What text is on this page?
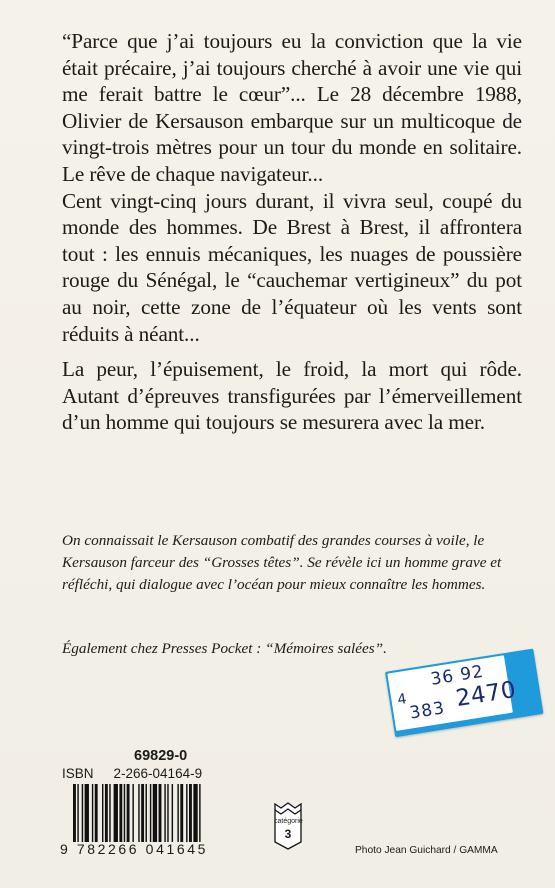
“Parce que j’ai toujours eu la conviction que la vie était précaire, j’ai toujours cherché à avoir une vie qui me ferait battre le cœur”... Le 28 décembre 1988, Olivier de Kersauson embarque sur un multicoque de vingt-trois mètres pour un tour du monde en solitaire. Le rêve de chaque navigateur...

Cent vingt-cinq jours durant, il vivra seul, coupé du monde des hommes. De Brest à Brest, il affrontera tout : les ennuis mécaniques, les nuages de poussière rouge du Sénégal, le “cauchemar vertigineux” du pot au noir, cette zone de l’équateur où les vents sont réduits à néant...

La peur, l’épuisement, le froid, la mort qui rôde. Autant d’épreuves transfigurées par l’émerveillement d’un homme qui toujours se mesurera avec la mer.

On connaissait le Kersauson combatif des grandes courses à voile, le Kersauson farceur des “Grosses têtes”. Se révèle ici un homme grave et réfléchi, qui dialogue avec l’océan pour mieux connaître les hommes.

Également chez Presses Pocket : “Mémoires salées”.
4
36 92
383 2470
69829-0
ISBN 2-266-04164-9
9 782266 041645
catégorie
3
Photo Jean Guichard / GAMMA
